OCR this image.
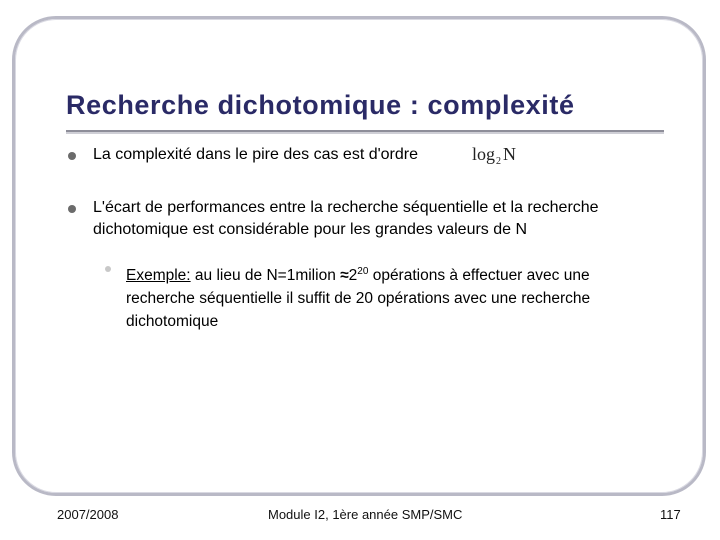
Recherche dichotomique : complexité
La complexité dans le pire des cas est d'ordre	$\log_2 N$
L'écart de performances entre la recherche séquentielle et la recherche
dichotomique est considérable pour les grandes valeurs de N
Exemple: au lieu de N=1milion $\approx 2^{20}$ opérations à effectuer avec une
recherche séquentielle il suffit de 20 opérations avec une recherche
dichotomique
2007/2008	Module I2, 1ère année SMP/SMC	117
